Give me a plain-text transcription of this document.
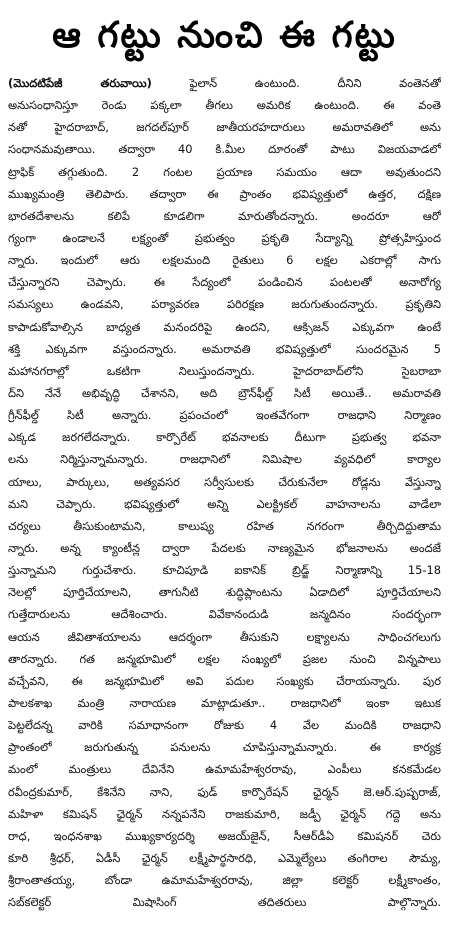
ఆ గట్టు నుంచి ఈ గట్టు
(మొదటిపేజీ తరువాయి)	ఫైలాన్ ఉంటుంది. దీనిని వంతెనతో
అనుసంధానిస్తూ రెండు పక్కలా తీగలు అమరిక ఉంటుంది. ఈ వంతె
నతో హైదరాబాద్, జగదల్‌పూర్ జాతీయరహదారులు అమరావతిలో అను
సంధానమవుతాయి. తద్వారా 40 కి.మీల దూరంతో పాటు విజయవాడలో
ట్రాఫిక్ తగ్గుతుంది. 2 గంటల ప్రయాణ సమయం ఆదా అవుతుందని
ముఖ్యమంత్రి తెలిపారు. తద్వారా ఈ ప్రాంతం భవిష్యత్తులో ఉత్తర, దక్షిణ
భారతదేశాలను కలిపే కూడలిగా మారుతోందన్నారు. అందరూ ఆరో
గ్యంగా ఉండాలనే లక్ష్యంతో ప్రభుత్వం ప్రకృతి సేద్యాన్ని ప్రోత్సహిస్తుంద
న్నారు. ఇందులో ఆరు లక్షలమంది రైతులు 6 లక్షల ఎకరాల్లో సాగు
చేస్తున్నారని చెప్పారు. ఈ సేద్యంలో పండించిన పంటలతో అనారోగ్య
సమస్యలు ఉండవని, పర్యావరణ పరిరక్షణ జరుగుతుందన్నారు. ప్రకృతిని
కాపాడుకోవాల్సిన బాధ్యత మనందరిపై ఉందని, ఆక్సిజన్ ఎక్కువగా ఉంటే
శక్తి ఎక్కువగా వస్తుందన్నారు. అమరావతి భవిష్యత్తులో సుందరమైన 5
మహానగరాల్లో ఒకటిగా నిలుస్తుందన్నారు. హైదరాబాద్‌లోని సైబరాబా
ద్‌ని నేనే అభివృద్ధి చేశానని, అది బ్రౌన్‌ఫీల్డ్ సిటీ అయితే.. అమరావతి
గ్రీన్‌ఫీల్డ్ సిటీ అన్నారు. ప్రపంచంలో ఇంతవేగంగా రాజధాని నిర్మాణం
ఎక్కడ జరగలేదన్నారు. కార్పొరేట్ భవనాలకు దీటుగా ప్రభుత్వ భవనా
లను నిర్మిస్తున్నామన్నారు. రాజధానిలో నిమిషాల వ్యవధిలో కార్యాల
యాలు, పార్కులు, అత్యవసర సర్వీసులకు చేరుకునేలా రోడ్లను వేస్తున్నా
మని చెప్పారు. భవిష్యత్తులో అన్ని ఎలక్ట్రికల్ వాహనాలను వాడేలా
చర్యలు తీసుకుంటామని, కాలుష్య రహిత నగరంగా తీర్చిదిద్దుతామ
న్నారు. అన్న క్యాంటీన్ల ద్వారా పేదలకు నాణ్యమైన భోజనాలను అందజే
స్తున్నామని గుర్తుచేశారు. కూచిపూడి ఐకానిక్ బ్రిడ్జ్ నిర్మాణాన్ని 15-18
నెలల్లో పూర్తిచేయాలని, తాగునీటి శుద్ధిప్లాంటను ఏడాదిలో పూర్తిచేయాలని
గుత్తేదారులను ఆదేశించారు. వివేకానందుడి జన్మదినం సందర్భంగా
ఆయన జీవితాశయాలను ఆదర్శంగా తీసుకుని లక్ష్యాలను సాధించగలుగు
తారన్నారు. గత జన్మభూమిలో లక్షల సంఖ్యలో ప్రజల నుంచి విన్నపాలు
వచ్చేవని, ఈ జన్మభూమిలో అవి పదుల సంఖ్యకు చేరాయన్నారు. పుర
పాలకశాఖ మంత్రి నారాయణ మాట్లాడుతూ.. రాజధానిలో ఇంకా ఇటుక
పెట్టలేదన్న వారికి సమాధానంగా రోజుకు 4 వేల మందికి రాజధాని
ప్రాంతంలో జరుగుతున్న పనులను చూపిస్తున్నామన్నారు. ఈ కార్యక్ర
మంలో మంత్రులు దేవినేని ఉమామహేశ్వరరావు, ఎంపీలు కనకమేడల
రవీంద్రకుమార్, కేశినేని నాని, ఫుడ్ కార్పొరేషన్ ఛైర్మన్ జె.ఆర్.పుష్పరాజ్,
మహిళా కమిషన్ ఛైర్మన్ నన్నపనేని రాజకుమారి, జడ్పీ ఛైర్మన్ గద్దె అను
రాధ, ఇంధనశాఖ ముఖ్యకార్యదర్శి అజయ్‌జైన్, సీఆర్‌డీఏ కమిషనర్ చెరు
కూరి శ్రీధర్, ఏడీసీ ఛైర్మన్ లక్ష్మీపార్థసారధి, ఎమ్మెల్యేలు తంగిరాల సౌమ్య,
శ్రీరాంతాతయ్య, బోండా ఉమామహేశ్వరరావు, జిల్లా కలెక్టర్ లక్ష్మీకాంతం,
సబ్‌కలెక్టర్ మిషాసింగ్ తదితరులు పాల్గొన్నారు.
